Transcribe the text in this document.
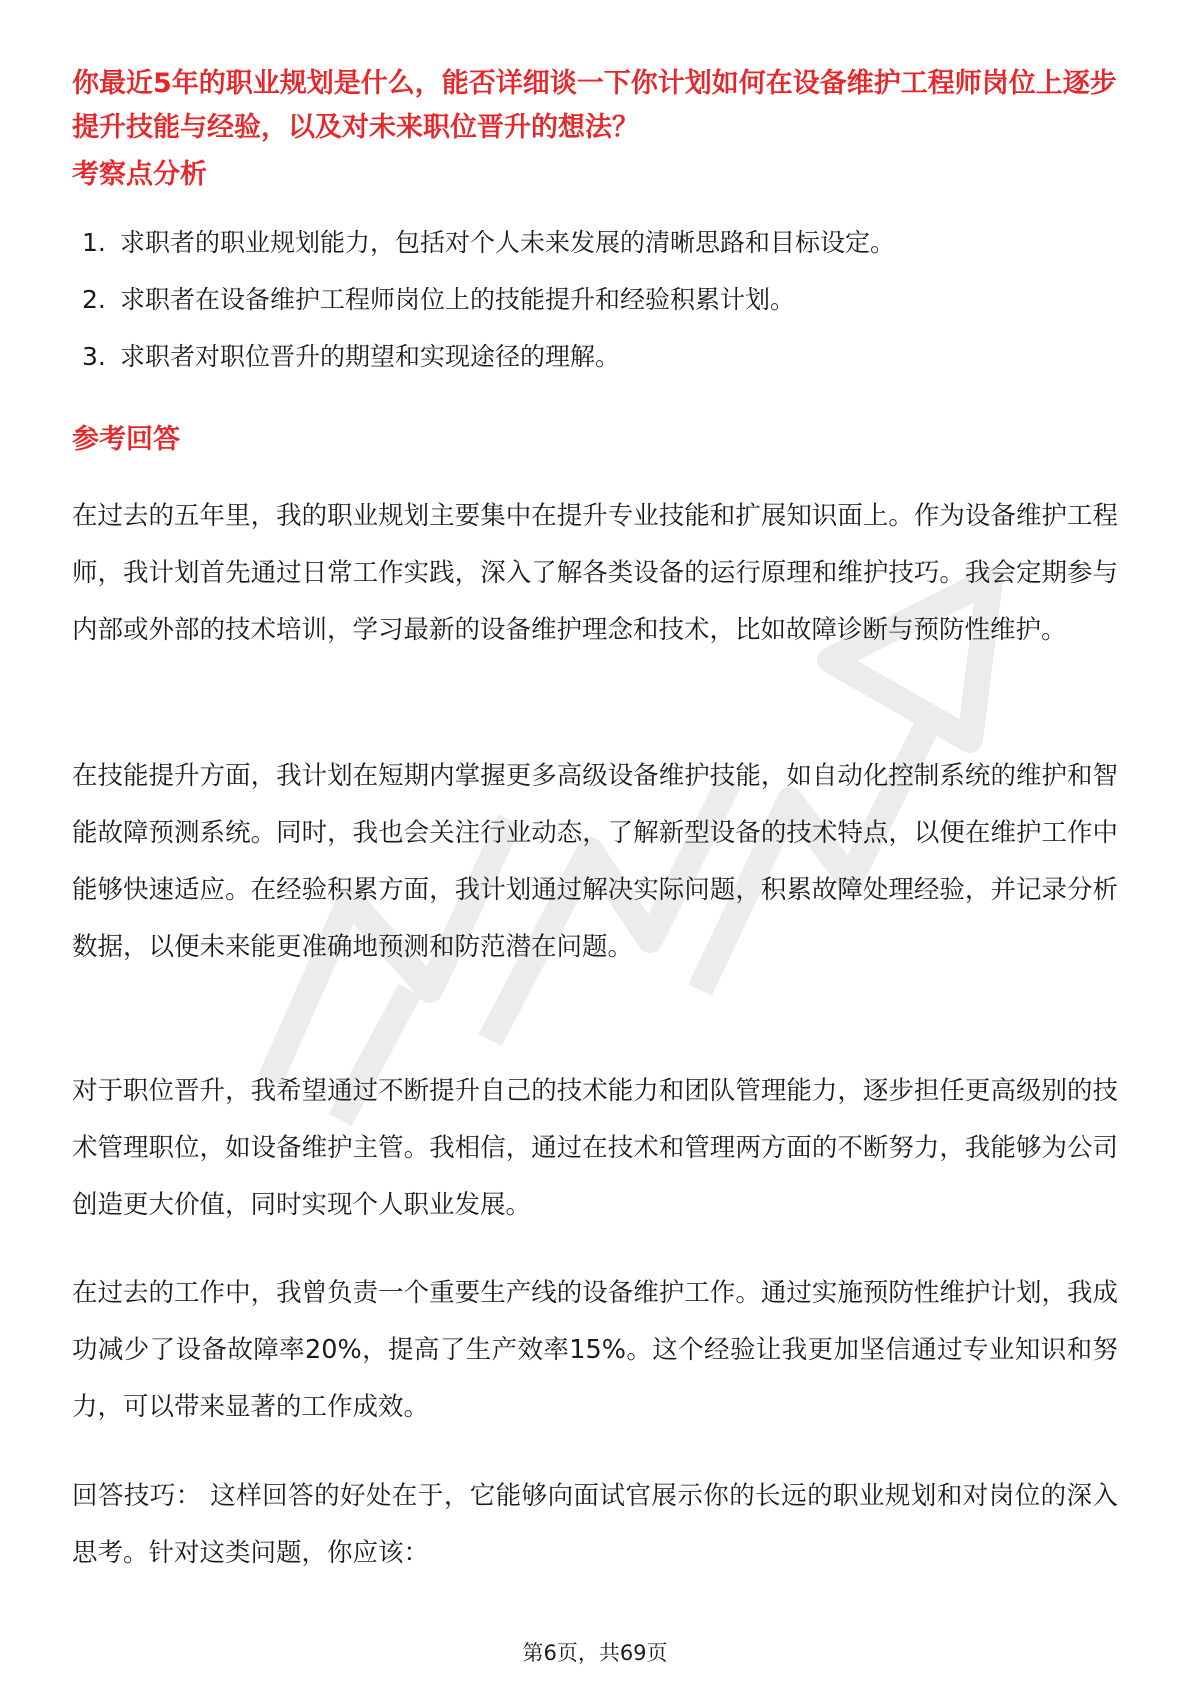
你最近5年的职业规划是什么，能否详细谈一下你计划如何在设备维护工程师岗位上逐步提升技能与经验，以及对未来职位晋升的想法？

考察点分析
1. 求职者的职业规划能力，包括对个人未来发展的清晰思路和目标设定。
2. 求职者在设备维护工程师岗位上的技能提升和经验积累计划。
3. 求职者对职位晋升的期望和实现途径的理解。
参考回答

在过去的五年里，我的职业规划主要集中在提升专业技能和扩展知识面上。作为设备维护工程师，我计划首先通过日常工作实践，深入了解各类设备的运行原理和维护技巧。我会定期参与内部或外部的技术培训，学习最新的设备维护理念和技术，比如故障诊断与预防性维护。

在技能提升方面，我计划在短期内掌握更多高级设备维护技能，如自动化控制系统的维护和智能故障预测系统。同时，我也会关注行业动态，了解新型设备的技术特点，以便在维护工作中能够快速适应。在经验积累方面，我计划通过解决实际问题，积累故障处理经验，并记录分析数据，以便未来能更准确地预测和防范潜在问题。

对于职位晋升，我希望通过不断提升自己的技术能力和团队管理能力，逐步担任更高级别的技术管理职位，如设备维护主管。我相信，通过在技术和管理两方面的不断努力，我能够为公司创造更大价值，同时实现个人职业发展。

在过去的工作中，我曾负责一个重要生产线的设备维护工作。通过实施预防性维护计划，我成功减少了设备故障率20%，提高了生产效率15%。这个经验让我更加坚信通过专业知识和努力，可以带来显著的工作成效。

回答技巧： 这样回答的好处在于，它能够向面试官展示你的长远的职业规划和对岗位的深入思考。针对这类问题，你应该：

第6页，共69页
